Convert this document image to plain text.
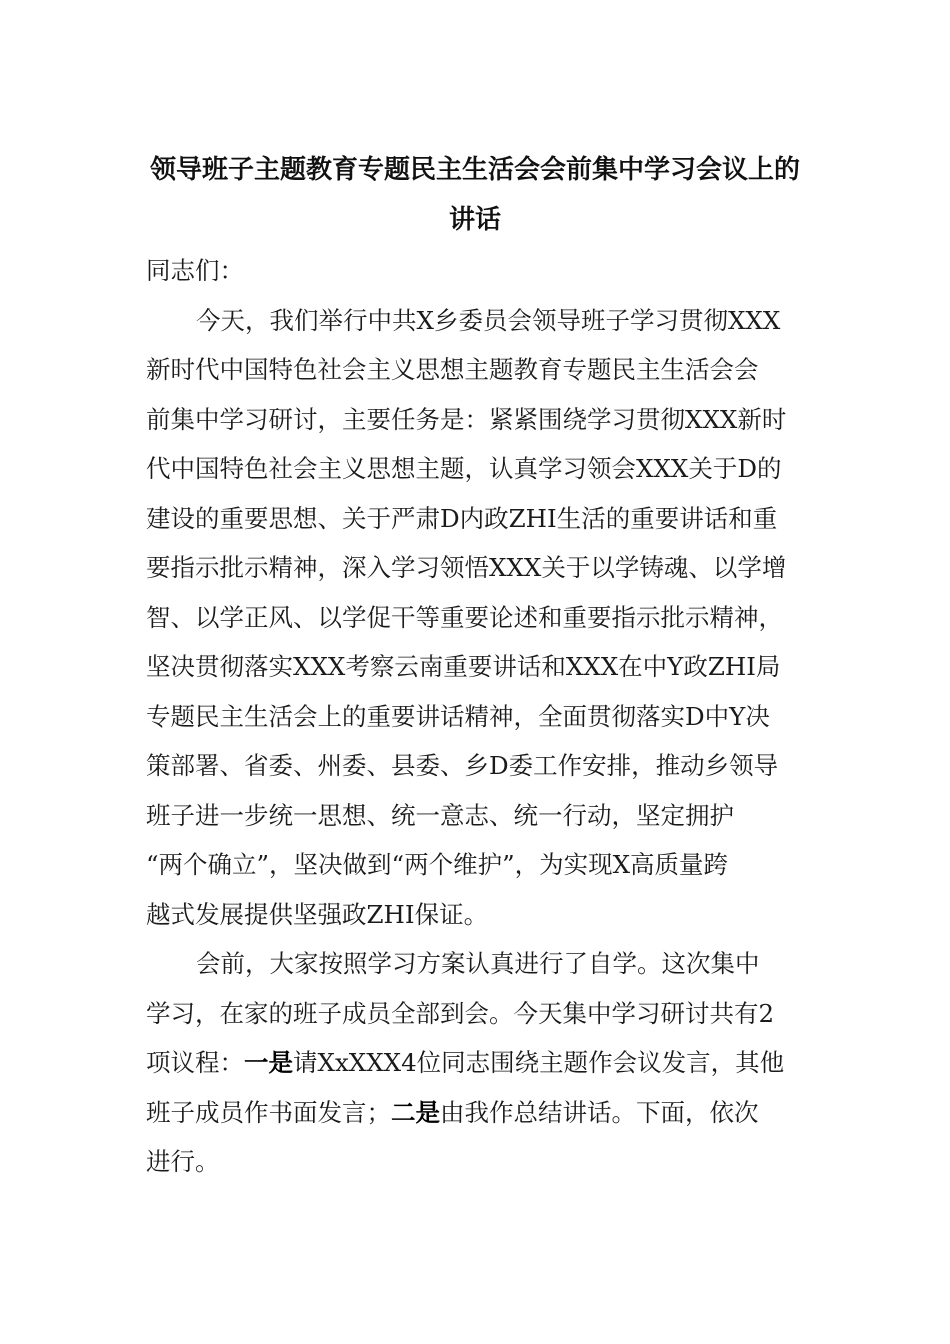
领导班子主题教育专题民主生活会会前集中学习会议上的
讲话
同志们：
今天，我们举行中共X乡委员会领导班子学习贯彻XXX
新时代中国特色社会主义思想主题教育专题民主生活会会
前集中学习研讨，主要任务是：紧紧围绕学习贯彻XXX新时
代中国特色社会主义思想主题，认真学习领会XXX关于D的
建设的重要思想、关于严肃D内政ZHI生活的重要讲话和重
要指示批示精神，深入学习领悟XXX关于以学铸魂、以学增
智、以学正风、以学促干等重要论述和重要指示批示精神，
坚决贯彻落实XXX考察云南重要讲话和XXX在中Y政ZHI局
专题民主生活会上的重要讲话精神，全面贯彻落实D中Y决
策部署、省委、州委、县委、乡D委工作安排，推动乡领导
班子进一步统一思想、统一意志、统一行动，坚定拥护
“两个确立”，坚决做到“两个维护”，为实现X高质量跨
越式发展提供坚强政ZHI保证。
会前，大家按照学习方案认真进行了自学。这次集中
学习，在家的班子成员全部到会。今天集中学习研讨共有2
项议程：一是请XxXXX4位同志围绕主题作会议发言，其他
班子成员作书面发言；二是由我作总结讲话。下面，依次
进行。
